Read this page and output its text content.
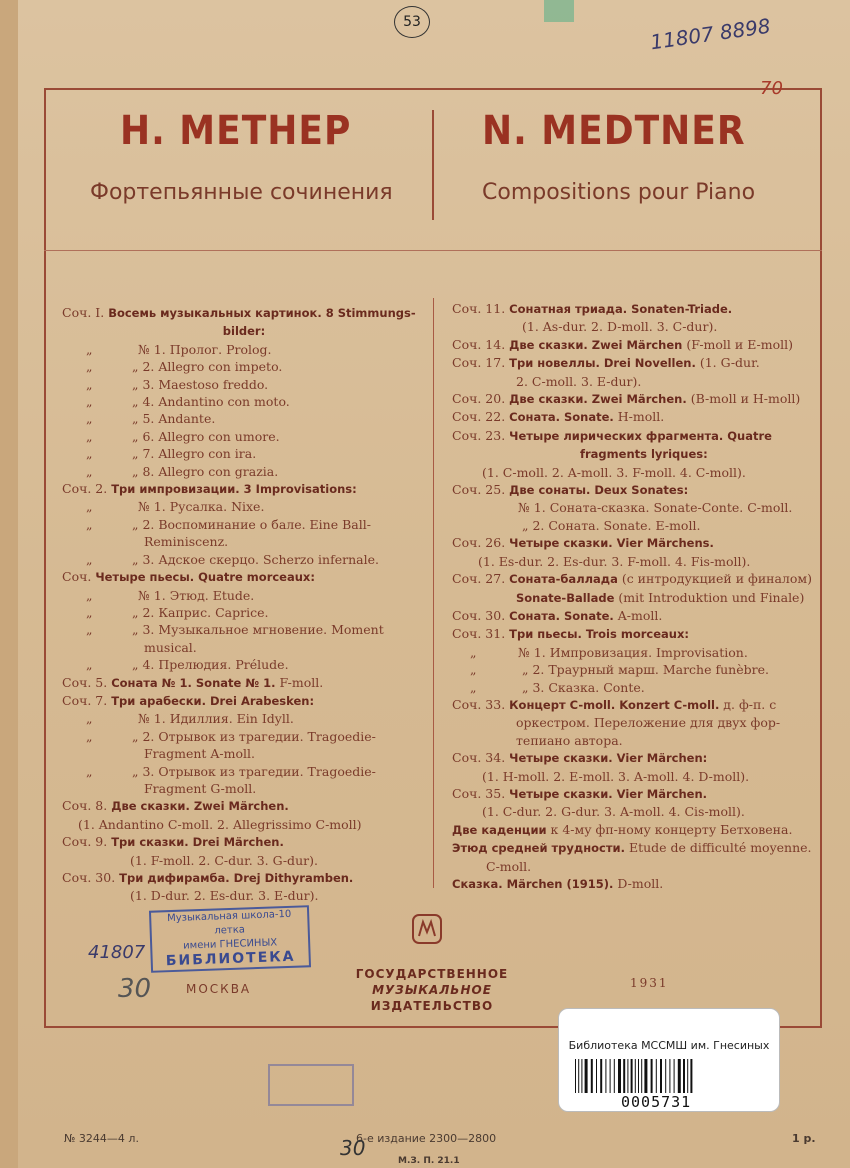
53	11807 8898
70
Н. МЕТНЕР
Фортепьянные сочинения
N. MEDTNER
Compositions pour Piano
Соч. I. Восемь музыкальных картинок. 8 Stimmungs-
bilder:
„	№ 1. Пролог. Prolog.
„	„ 2. Allegro con impeto.
„	„ 3. Maestoso freddo.
„	„ 4. Andantino con moto.
„	„ 5. Andante.
„	„ 6. Allegro con umore.
„	„ 7. Allegro con ira.
„	„ 8. Allegro con grazia.
Соч. 2. Три импровизации. 3 Improvisations:
„	№ 1. Русалка. Nixe.
„	„ 2. Воспоминание о бале. Eine Ball-
Reminiscenz.
„	„ 3. Адское скерцо. Scherzo infernale.
Соч. Четыре пьесы. Quatre morceaux:
„	№ 1. Этюд. Etude.
„	„ 2. Каприс. Caprice.
„	„ 3. Музыкальное мгновение. Moment
musical.
„	„ 4. Прелюдия. Prélude.
Соч. 5. Соната № 1. Sonate № 1. F-moll.
Соч. 7. Три арабески. Drei Arabesken:
„	№ 1. Идиллия. Ein Idyll.
„	„ 2. Отрывок из трагедии. Tragoedie-
Fragment A-moll.
„	„ 3. Отрывок из трагедии. Tragoedie-
Fragment G-moll.
Соч. 8. Две сказки. Zwei Märchen.
(1. Andantino C-moll. 2. Allegrissimo C-moll)
Соч. 9. Три сказки. Drei Märchen.
(1. F-moll. 2. C-dur. 3. G-dur).
Соч. 30. Три дифирамба. Drej Dithyramben.
(1. D-dur. 2. Es-dur. 3. E-dur).
Соч. 11. Сонатная триада. Sonaten-Triade.
(1. As-dur. 2. D-moll. 3. C-dur).
Соч. 14. Две сказки. Zwei Märchen (F-moll и E-moll)
Соч. 17. Три новеллы. Drei Novellen. (1. G-dur.
2. C-moll. 3. E-dur).
Соч. 20. Две сказки. Zwei Märchen. (B-moll и H-moll)
Соч. 22. Соната. Sonate. H-moll.
Соч. 23. Четыре лирических фрагмента. Quatre
fragments lyriques:
(1. C-moll. 2. A-moll. 3. F-moll. 4. C-moll).
Соч. 25. Две сонаты. Deux Sonates:
№ 1. Соната-сказка. Sonate-Conte. C-moll.
„ 2. Соната. Sonate. E-moll.
Соч. 26. Четыре сказки. Vier Märchens.
(1. Es-dur. 2. Es-dur. 3. F-moll. 4. Fis-moll).
Соч. 27. Соната-баллада (с интродукцией и финалом)
Sonate-Ballade (mit Introduktion und Finale)
Соч. 30. Соната. Sonate. A-moll.
Соч. 31. Три пьесы. Trois morceaux:
„	№ 1. Импровизация. Improvisation.
„	„ 2. Траурный марш. Marche funèbre.
„	„ 3. Сказка. Conte.
Соч. 33. Концерт C-moll. Konzert C-moll. д. ф-п. с
оркестром. Переложение для двух фор-
тепиано автора.
Соч. 34. Четыре сказки. Vier Märchen:
(1. H-moll. 2. E-moll. 3. A-moll. 4. D-moll).
Соч. 35. Четыре сказки. Vier Märchen.
(1. C-dur. 2. G-dur. 3. A-moll. 4. Cis-moll).
Две каденции к 4-му фп-ному концерту Бетховена.
Этюд средней трудности. Etude de difficulté moyenne.
C-moll.
Сказка. Märchen (1915). D-moll.
Музыкальная школа-10 летка
имени ГНЕСИНЫХ
БИБЛИОТЕКА
41807
30	МОСКВА
ГОСУДАРСТВЕННОЕ
МУЗЫКАЛЬНОЕ
ИЗДАТЕЛЬСТВО
1931
№ 3244—4 л.	6-е издание 2300—2800
30
М.З. П. 21.1
1 р.
Библиотека МССМШ им. Гнесиных
0005731
